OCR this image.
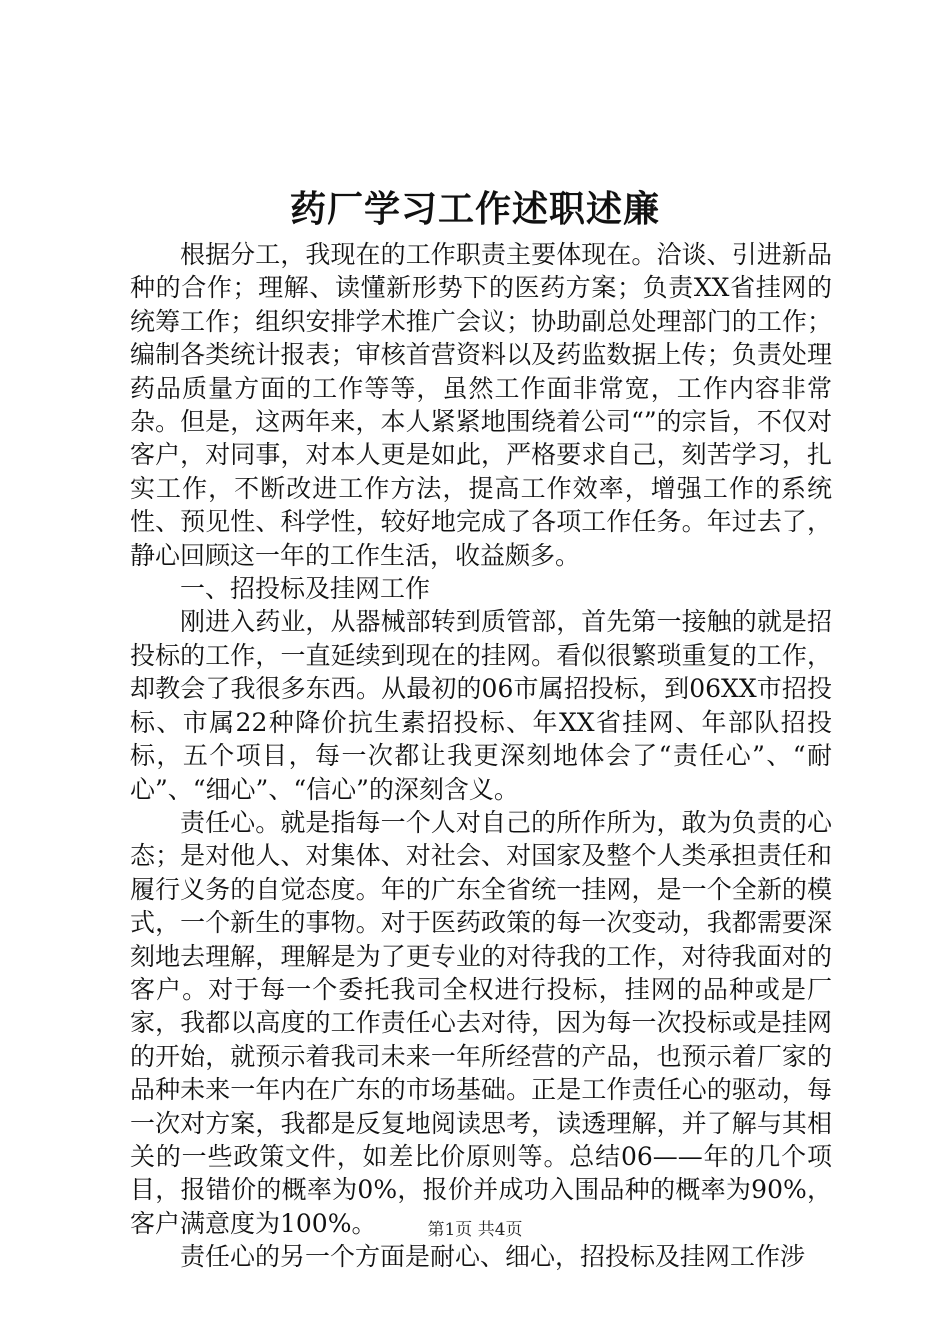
药厂学习工作述职述廉

根据分工，我现在的工作职责主要体现在。洽谈、引进新品种的合作；理解、读懂新形势下的医药方案；负责XX省挂网的统筹工作；组织安排学术推广会议；协助副总处理部门的工作；编制各类统计报表；审核首营资料以及药监数据上传；负责处理药品质量方面的工作等等，虽然工作面非常宽，工作内容非常杂。但是，这两年来，本人紧紧地围绕着公司“”的宗旨，不仅对客户，对同事，对本人更是如此，严格要求自己，刻苦学习，扎实工作，不断改进工作方法，提高工作效率，增强工作的系统性、预见性、科学性，较好地完成了各项工作任务。年过去了，静心回顾这一年的工作生活，收益颇多。

一、招投标及挂网工作

刚进入药业，从器械部转到质管部，首先第一接触的就是招投标的工作，一直延续到现在的挂网。看似很繁琐重复的工作，却教会了我很多东西。从最初的06市属招投标，到06XX市招投标、市属22种降价抗生素招投标、年XX省挂网、年部队招投标，五个项目，每一次都让我更深刻地体会了“责任心”、“耐心”、“细心”、“信心”的深刻含义。

责任心。就是指每一个人对自己的所作所为，敢为负责的心态；是对他人、对集体、对社会、对国家及整个人类承担责任和履行义务的自觉态度。年的广东全省统一挂网，是一个全新的模式，一个新生的事物。对于医药政策的每一次变动，我都需要深刻地去理解，理解是为了更专业的对待我的工作，对待我面对的客户。对于每一个委托我司全权进行投标，挂网的品种或是厂家，我都以高度的工作责任心去对待，因为每一次投标或是挂网的开始，就预示着我司未来一年所经营的产品，也预示着厂家的品种未来一年内在广东的市场基础。正是工作责任心的驱动，每一次对方案，我都是反复地阅读思考，读透理解，并了解与其相关的一些政策文件，如差比价原则等。总结06——年的几个项目，报错价的概率为0%，报价并成功入围品种的概率为90%，客户满意度为100%。

责任心的另一个方面是耐心、细心，招投标及挂网工作涉

第1页 共4页
